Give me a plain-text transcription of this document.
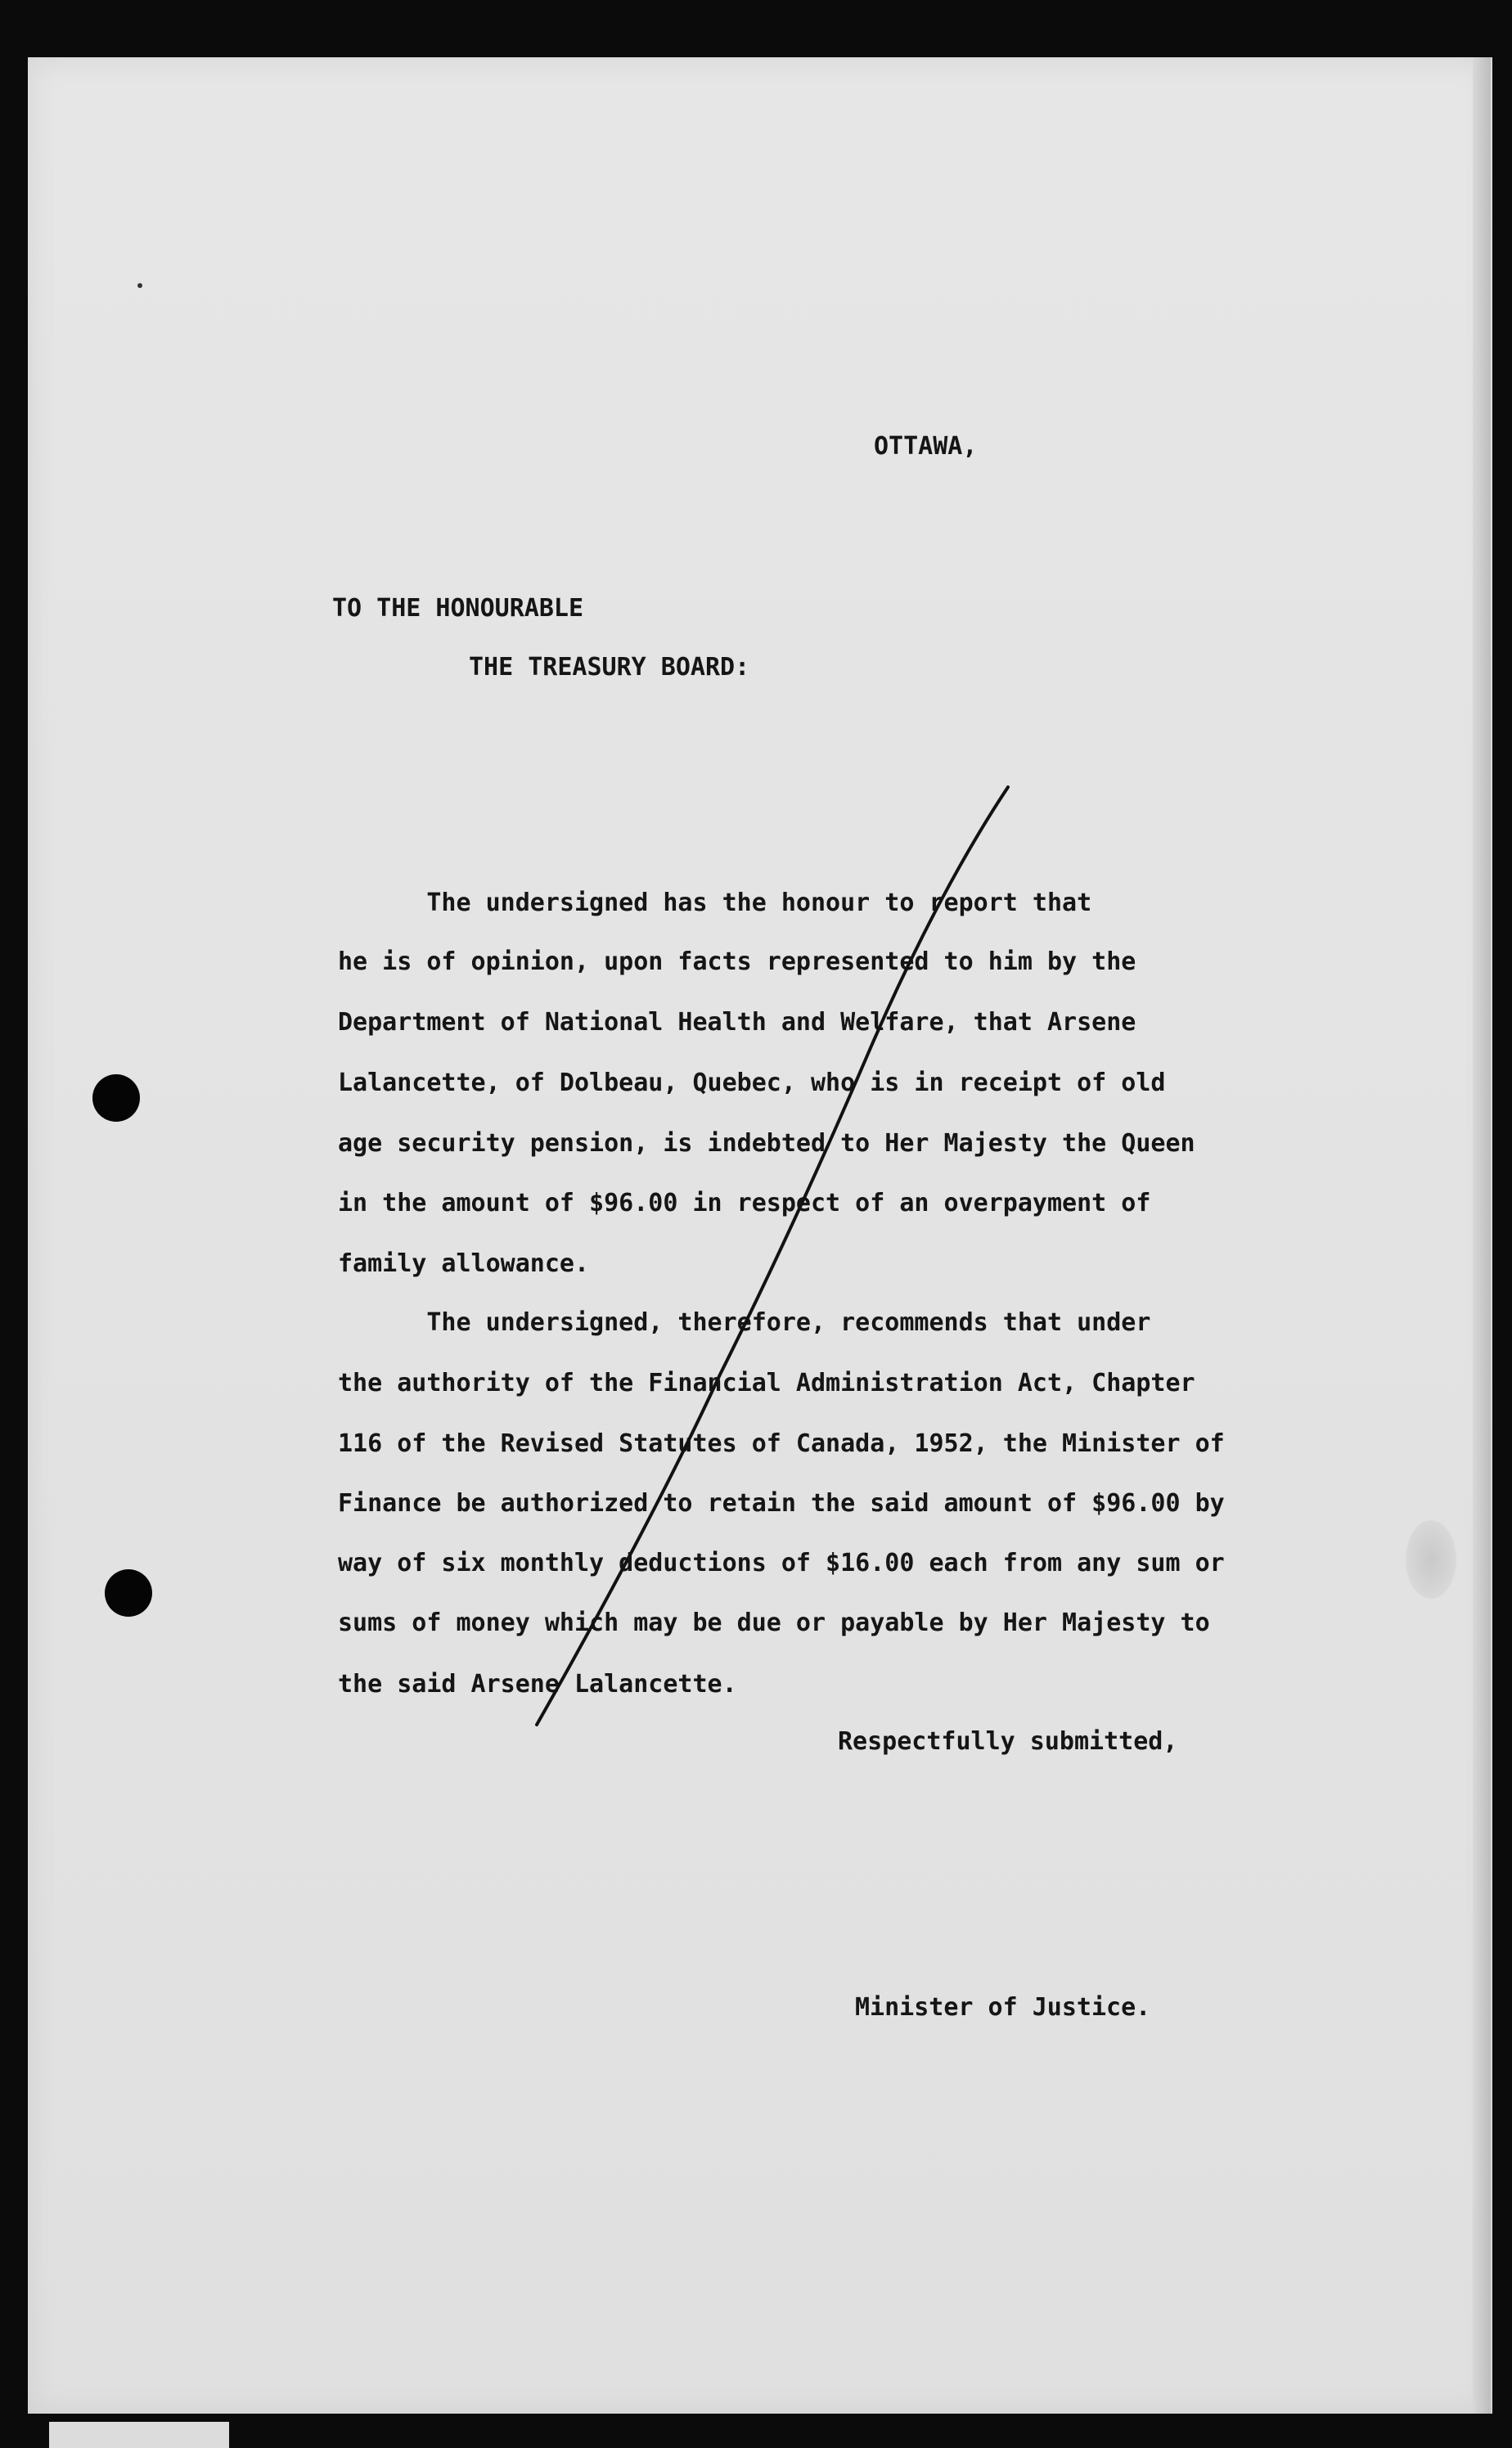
OTTAWA,
TO THE HONOURABLE
THE TREASURY BOARD:
The undersigned has the honour to report that
he is of opinion, upon facts represented to him by the
Department of National Health and Welfare, that Arsene
Lalancette, of Dolbeau, Quebec, who is in receipt of old
age security pension, is indebted to Her Majesty the Queen
in the amount of $96.00 in respect of an overpayment of
family allowance.
The undersigned, therefore, recommends that under
the authority of the Financial Administration Act, Chapter
116 of the Revised Statutes of Canada, 1952, the Minister of
Finance be authorized to retain the said amount of $96.00 by
way of six monthly deductions of $16.00 each from any sum or
sums of money which may be due or payable by Her Majesty to
the said Arsene Lalancette.
Respectfully submitted,
Minister of Justice.
